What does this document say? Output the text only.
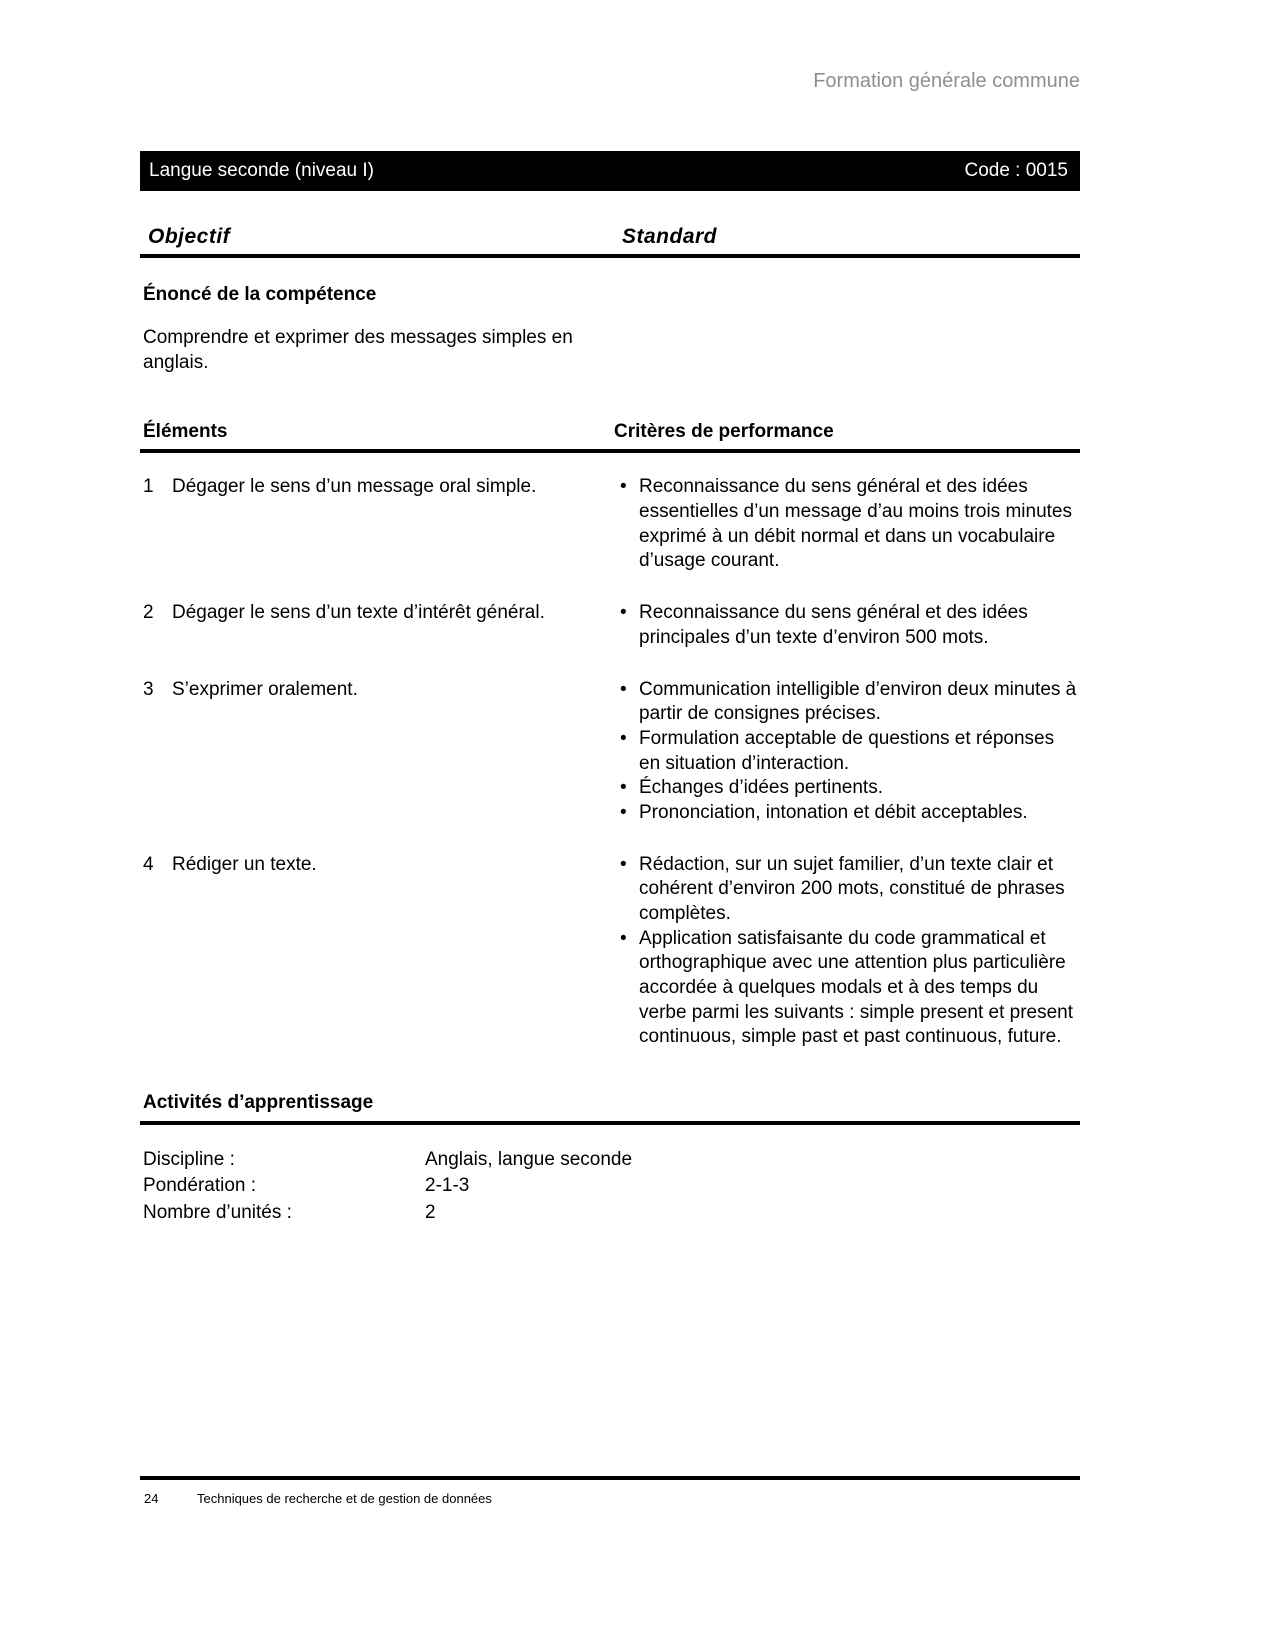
Formation générale commune
Langue seconde (niveau I)	Code : 0015
Objectif	Standard
Énoncé de la compétence

Comprendre et exprimer des messages simples en anglais.

Éléments	Critères de performance
1 Dégager le sens d’un message oral simple.	• Reconnaissance du sens général et des idées essentielles d’un message d’au moins trois minutes exprimé à un débit normal et dans un vocabulaire d’usage courant.
2 Dégager le sens d’un texte d’intérêt général.	• Reconnaissance du sens général et des idées principales d’un texte d’environ 500 mots.
3 S’exprimer oralement.	• Communication intelligible d’environ deux minutes à partir de consignes précises.
• Formulation acceptable de questions et réponses en situation d’interaction.
• Échanges d’idées pertinents.
• Prononciation, intonation et débit acceptables.
4 Rédiger un texte.	• Rédaction, sur un sujet familier, d’un texte clair et cohérent d’environ 200 mots, constitué de phrases complètes.
• Application satisfaisante du code grammatical et orthographique avec une attention plus particulière accordée à quelques modals et à des temps du verbe parmi les suivants : simple present et present continuous, simple past et past continuous, future.
Activités d’apprentissage
Discipline :	Anglais, langue seconde
Pondération :	2-1-3
Nombre d’unités :	2
24	Techniques de recherche et de gestion de données
